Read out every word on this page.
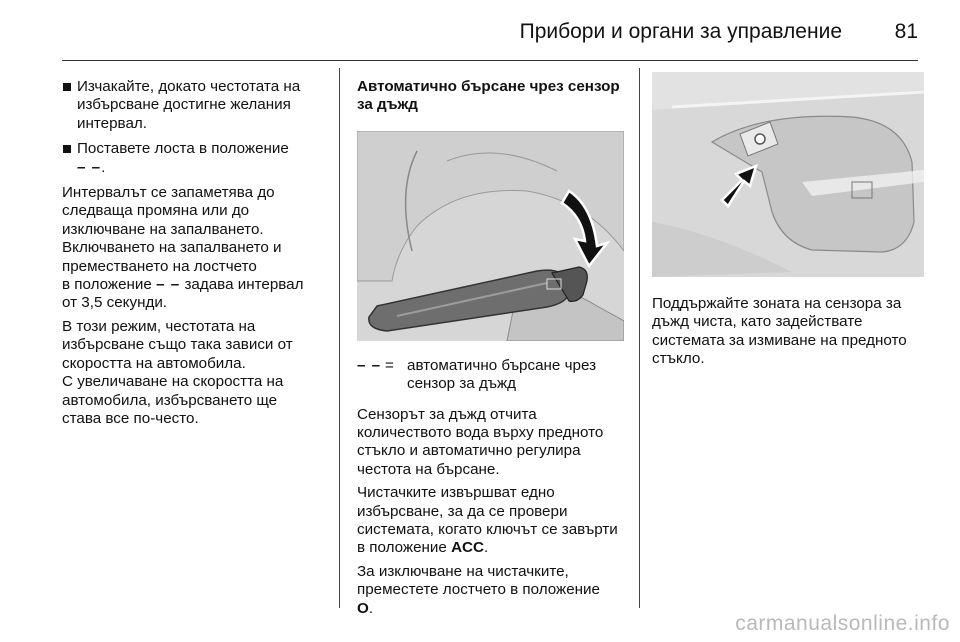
Прибори и органи за управление	81
Изчакайте, докато честотата на избърсване достигне желания интервал.
Поставете лоста в положение
– –.
Интервалът се запаметява до следваща промяна или до изключване на запалването.
Включването на запалването и преместването на лостчето
в положение – – задава интервал от 3,5 секунди.
В този режим, честотата на избърсване също така зависи от скоростта на автомобила.
С увеличаване на скоростта на автомобила, избърсването ще става все по-често.
Автоматично бърсане чрез сензор за дъжд
– – = автоматично бърсане чрез сензор за дъжд
Сензорът за дъжд отчита количеството вода върху предното стъкло и автоматично регулира честота на бърсане.
Чистачките извършват едно избърсване, за да се провери системата, когато ключът се завърти в положение ACC.
За изключване на чистачките, преместете лостчето в положение
O.
Поддържайте зоната на сензора за дъжд чиста, като задействате системата за измиване на предното стъкло.
carmanualsonline.info
